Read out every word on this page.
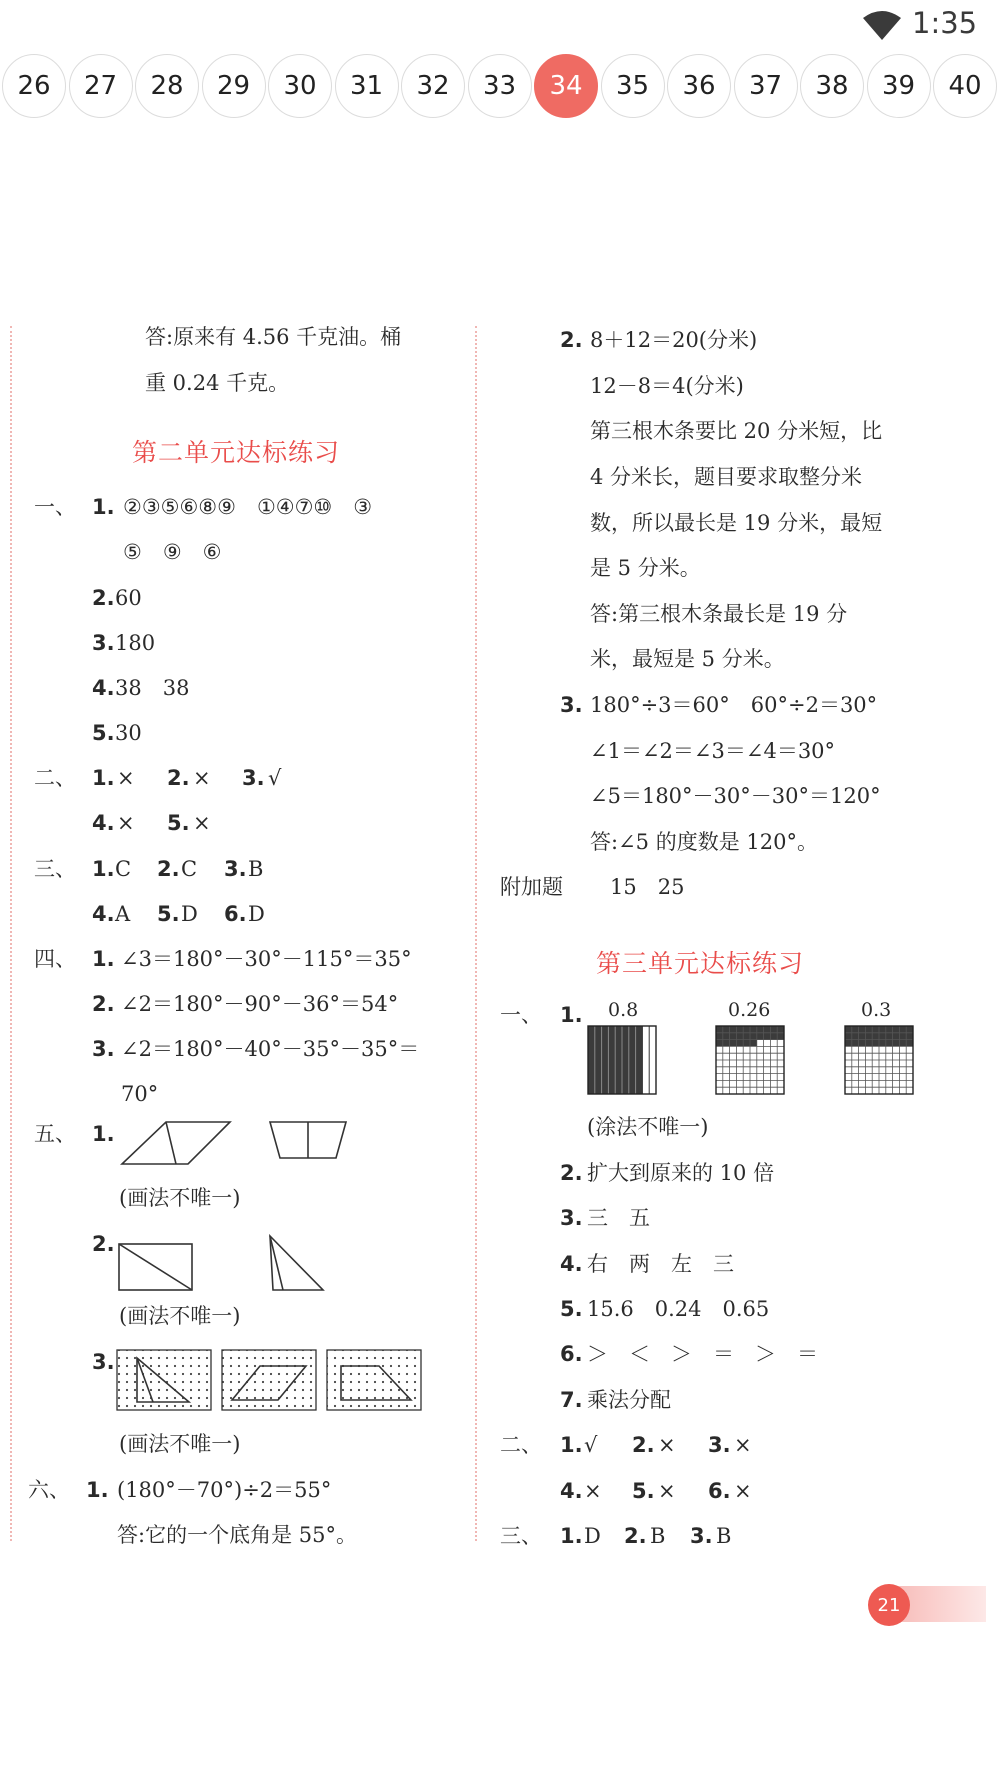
1:35
26	27	28	29	30	31	32	33	34	35	36	37	38	39	40
答:原来有 4.56 千克油。桶
重 0.24 千克。
第二单元达标练习
一、 1. ②③⑤⑥⑧⑨　①④⑦⑩　③
⑤　⑨　⑥
2. 60
3. 180
4. 38　38
5. 30
二、 1. × 2. × 3. √
4. × 5. ×
三、 1. C 2. C 3. B
4. A 5. D 6. D
四、 1. ∠3＝180°－30°－115°＝35°
2. ∠2＝180°－90°－36°＝54°
3. ∠2＝180°－40°－35°－35°＝
70°
五、 1.
(画法不唯一)
2.
(画法不唯一)
3.
(画法不唯一)
六、 1. (180°－70°)÷2＝55°
答:它的一个底角是 55°。
2. 8＋12＝20(分米)
12－8＝4(分米)
第三根木条要比 20 分米短，比
4 分米长，题目要求取整分米
数，所以最长是 19 分米，最短
是 5 分米。
答:第三根木条最长是 19 分
米，最短是 5 分米。
3. 180°÷3＝60°　60°÷2＝30°
∠1＝∠2＝∠3＝∠4＝30°
∠5＝180°－30°－30°＝120°
答:∠5 的度数是 120°。
附加题 15　25
第三单元达标练习
一、 1. 0.8	0.26	0.3
(涂法不唯一)
2. 扩大到原来的 10 倍
3. 三　五
4. 右　两　左　三
5. 15.6　0.24　0.65
6. ＞　＜　＞　＝　＞　＝
7. 乘法分配
二、 1. √ 2. × 3. ×
4. × 5. × 6. ×
三、 1. D 2. B 3. B
21
